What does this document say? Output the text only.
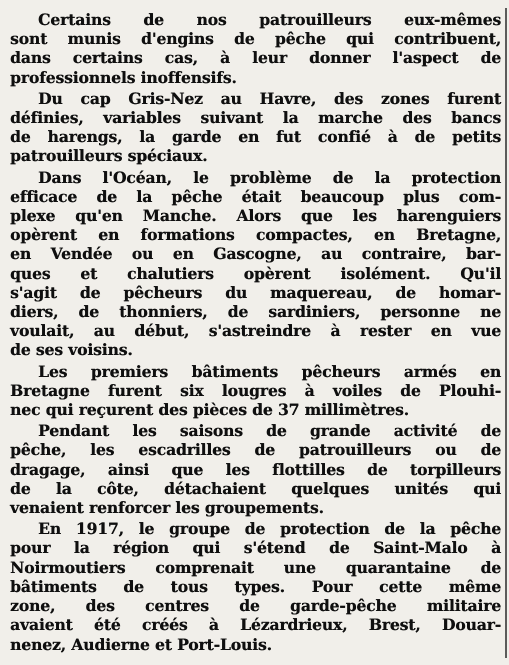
Certains de nos patrouilleurs eux-mêmes
sont munis d'engins de pêche qui contribuent,
dans certains cas, à leur donner l'aspect de
professionnels inoffensifs.
Du cap Gris-Nez au Havre, des zones furent
définies, variables suivant la marche des bancs
de harengs, la garde en fut confié à de petits
patrouilleurs spéciaux.
Dans l'Océan, le problème de la protection
efficace de la pêche était beaucoup plus com-
plexe qu'en Manche. Alors que les harenguiers
opèrent en formations compactes, en Bretagne,
en Vendée ou en Gascogne, au contraire, bar-
ques et chalutiers opèrent isolément. Qu'il
s'agit de pêcheurs du maquereau, de homar-
diers, de thonniers, de sardiniers, personne ne
voulait, au début, s'astreindre à rester en vue
de ses voisins.
Les premiers bâtiments pêcheurs armés en
Bretagne furent six lougres à voiles de Plouhi-
nec qui reçurent des pièces de 37 millimètres.
Pendant les saisons de grande activité de
pêche, les escadrilles de patrouilleurs ou de
dragage, ainsi que les flottilles de torpilleurs
de la côte, détachaient quelques unités qui
venaient renforcer les groupements.
En 1917, le groupe de protection de la pêche
pour la région qui s'étend de Saint-Malo à
Noirmoutiers comprenait une quarantaine de
bâtiments de tous types. Pour cette même
zone, des centres de garde-pêche militaire
avaient été créés à Lézardrieux, Brest, Douar-
nenez, Audierne et Port-Louis.
